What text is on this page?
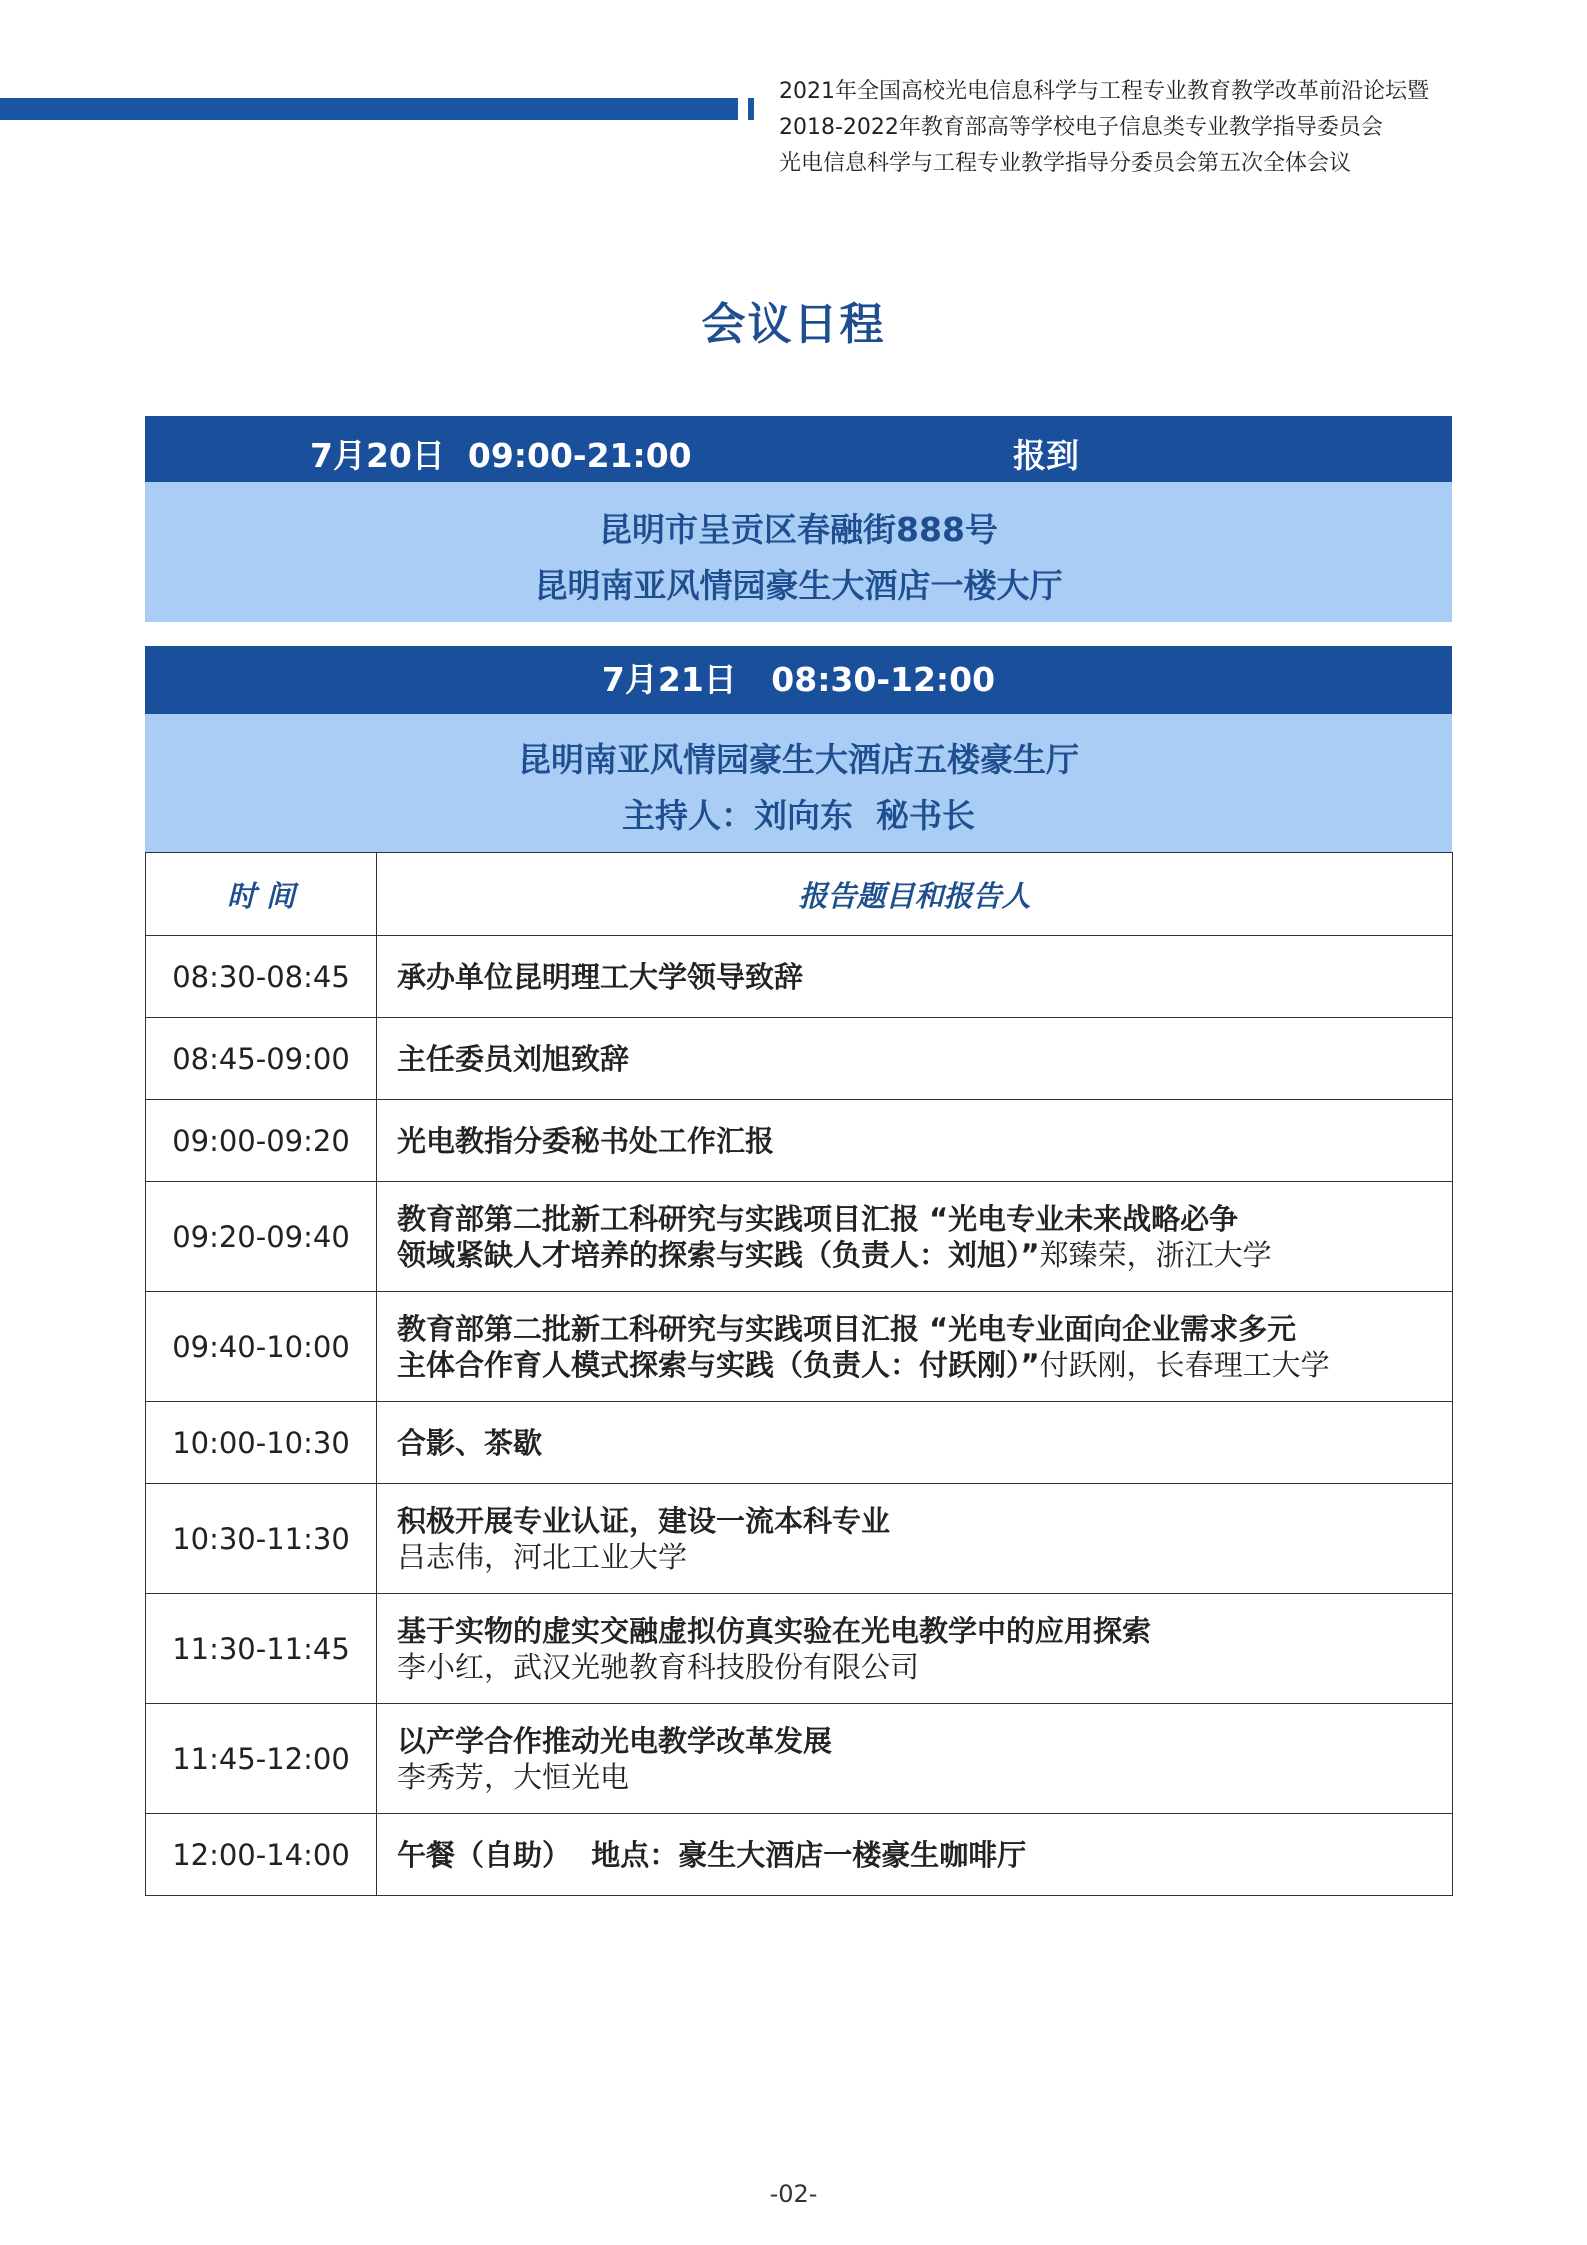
2021年全国高校光电信息科学与工程专业教育教学改革前沿论坛暨
2018-2022年教育部高等学校电子信息类专业教学指导委员会
光电信息科学与工程专业教学指导分委员会第五次全体会议
会议日程
7月20日  09:00-21:00	报到
昆明市呈贡区春融街888号
昆明南亚风情园豪生大酒店一楼大厅
7月21日   08:30-12:00
昆明南亚风情园豪生大酒店五楼豪生厅
主持人：刘向东  秘书长
时 间	报告题目和报告人
08:30-08:45	承办单位昆明理工大学领导致辞
08:45-09:00	主任委员刘旭致辞
09:00-09:20	光电教指分委秘书处工作汇报
09:20-09:40	教育部第二批新工科研究与实践项目汇报 “光电专业未来战略必争
领域紧缺人才培养的探索与实践（负责人：刘旭）”郑臻荣，浙江大学

09:40-10:00	教育部第二批新工科研究与实践项目汇报 “光电专业面向企业需求多元
主体合作育人模式探索与实践（负责人：付跃刚）”付跃刚，长春理工大学

10:00-10:30	合影、茶歇
10:30-11:30	积极开展专业认证，建设一流本科专业
吕志伟，河北工业大学

11:30-11:45	基于实物的虚实交融虚拟仿真实验在光电教学中的应用探索
李小红，武汉光驰教育科技股份有限公司

11:45-12:00	以产学合作推动光电教学改革发展
李秀芳，大恒光电

12:00-14:00	午餐（自助）  地点：豪生大酒店一楼豪生咖啡厅
-02-
